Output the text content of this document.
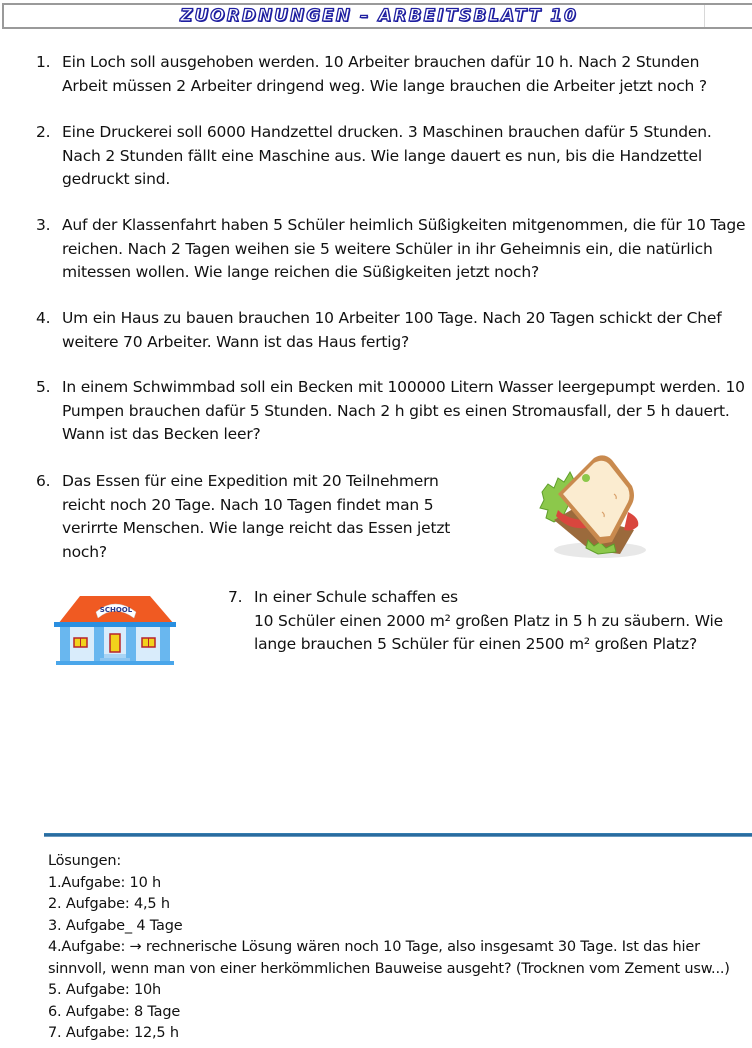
ZUORDNUNGEN – ARBEITSBLATT 10
1. Ein Loch soll ausgehoben werden. 10 Arbeiter brauchen dafür 10 h. Nach 2 Stunden Arbeit müssen 2 Arbeiter dringend weg. Wie lange brauchen die Arbeiter jetzt noch ?
2. Eine Druckerei soll 6000 Handzettel drucken. 3 Maschinen brauchen dafür 5 Stunden. Nach 2 Stunden fällt eine Maschine aus. Wie lange dauert es nun, bis die Handzettel gedruckt sind.
3. Auf der Klassenfahrt haben 5 Schüler heimlich Süßigkeiten mitgenommen, die für 10 Tage reichen. Nach 2 Tagen weihen sie 5 weitere Schüler in ihr Geheimnis ein, die natürlich mitessen wollen. Wie lange reichen die Süßigkeiten jetzt noch?
4. Um ein Haus zu bauen brauchen 10 Arbeiter 100 Tage. Nach 20 Tagen schickt der Chef weitere 70 Arbeiter. Wann ist das Haus fertig?
5. In einem Schwimmbad soll ein Becken mit 100000 Litern Wasser leergepumpt werden. 10 Pumpen brauchen dafür 5 Stunden. Nach 2 h gibt es einen Stromausfall, der 5 h dauert. Wann ist das Becken leer?
6. Das Essen für eine Expedition mit 20 Teilnehmern reicht noch 20 Tage. Nach 10 Tagen findet man 5 verirrte Menschen. Wie lange reicht das Essen jetzt noch?
7. In einer Schule schaffen es
10 Schüler einen 2000 m² großen Platz in 5 h zu säubern. Wie lange brauchen 5 Schüler für einen 2500 m² großen Platz?
SCHOOL
Lösungen:
1.Aufgabe: 10 h
2. Aufgabe: 4,5 h
3. Aufgabe_ 4 Tage
4.Aufgabe: → rechnerische Lösung wären noch 10 Tage, also insgesamt 30 Tage. Ist das hier sinnvoll, wenn man von einer herkömmlichen Bauweise ausgeht? (Trocknen vom Zement usw...)
5. Aufgabe: 10h
6. Aufgabe: 8 Tage
7. Aufgabe: 12,5 h
